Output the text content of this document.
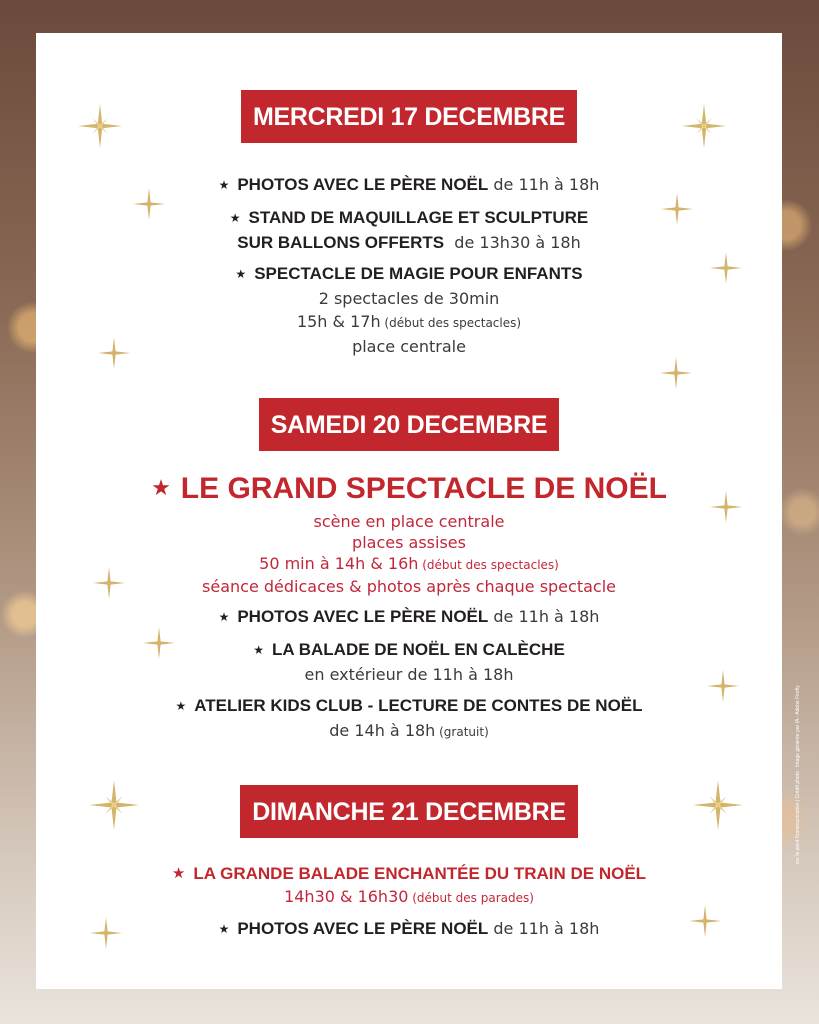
MERCREDI 17 DECEMBRE
★ PHOTOS AVEC LE PÈRE NOËL de 11h à 18h
★ STAND DE MAQUILLAGE ET SCULPTURE
SUR BALLONS OFFERTS  de 13h30 à 18h
★ SPECTACLE DE MAGIE POUR ENFANTS
2 spectacles de 30min
15h & 17h (début des spectacles)
place centrale
SAMEDI 20 DECEMBRE
★ LE GRAND SPECTACLE DE NOËL
scène en place centrale
places assises
50 min à 14h & 16h (début des spectacles)
séance dédicaces & photos après chaque spectacle
★ PHOTOS AVEC LE PÈRE NOËL de 11h à 18h
★ LA BALADE DE NOËL EN CALÈCHE
en extérieur de 11h à 18h
★ ATELIER KIDS CLUB - LECTURE DE CONTES DE NOËL
de 14h à 18h (gratuit)
DIMANCHE 21 DECEMBRE
★ LA GRANDE BALADE ENCHANTÉE DU TRAIN DE NOËL
14h30 & 16h30 (début des parades)
★ PHOTOS AVEC LE PÈRE NOËL de 11h à 18h
sur le point l'communication | Crédit photo : Image générée par IA - Adobe Firefly
